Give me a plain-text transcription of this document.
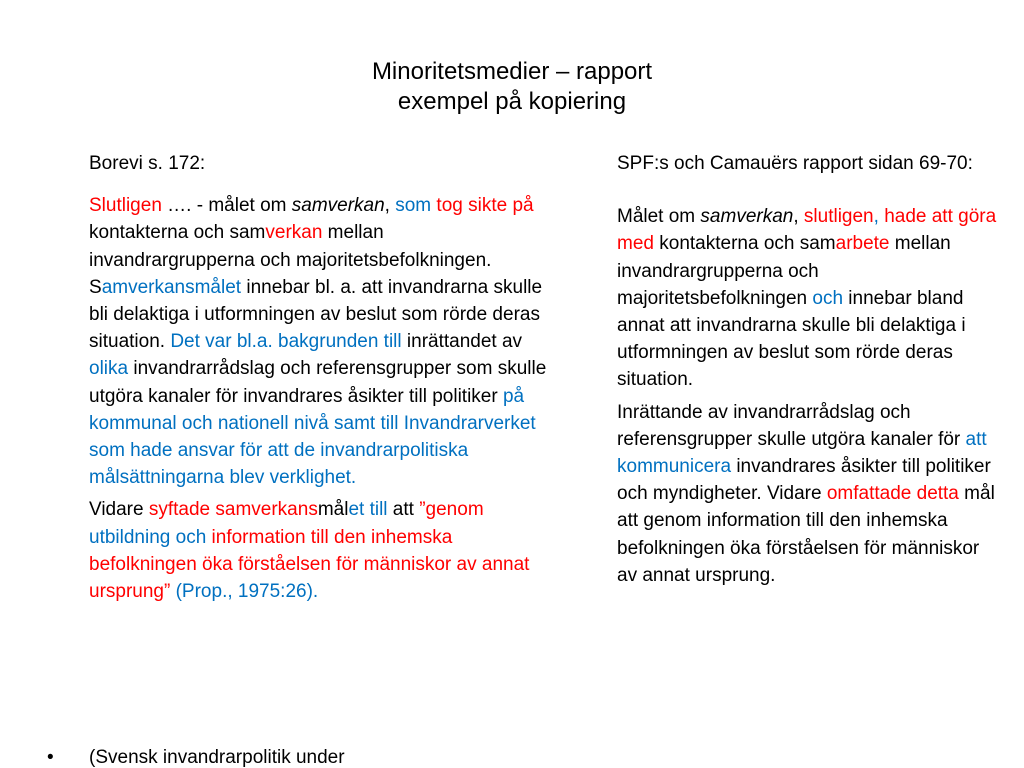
Minoritetsmedier – rapport
exempel på kopiering

Borevi s. 172:

Slutligen …. - målet om samverkan, som tog sikte på kontakterna och samverkan mellan invandrargrupperna och majoritetsbefolkningen. Samverkansmålet innebar bl. a. att invandrarna skulle bli delaktiga i utformningen av beslut som rörde deras situation. Det var bl.a. bakgrunden till inrättandet av olika invandrarrådslag och referensgrupper som skulle utgöra kanaler för invandrares åsikter till politiker på kommunal och nationell nivå samt till Invandrarverket som hade ansvar för att de invandrarpolitiska målsättningarna blev verklighet.

Vidare syftade samverkansmålet till att ”genom utbildning och information till den inhemska befolkningen öka förståelsen för människor av annat ursprung” (Prop., 1975:26).

• (Svensk invandrarpolitik under

SPF:s och Camauërs rapport sidan 69-70:

Målet om samverkan, slutligen, hade att göra med kontakterna och samarbete mellan invandrargrupperna och majoritetsbefolkningen och innebar bland annat att invandrarna skulle bli delaktiga i utformningen av beslut som rörde deras situation.

Inrättande av invandrarrådslag och referensgrupper skulle utgöra kanaler för att kommunicera invandrares åsikter till politiker och myndigheter. Vidare omfattade detta mål att genom information till den inhemska befolkningen öka förståelsen för människor av annat ursprung.
